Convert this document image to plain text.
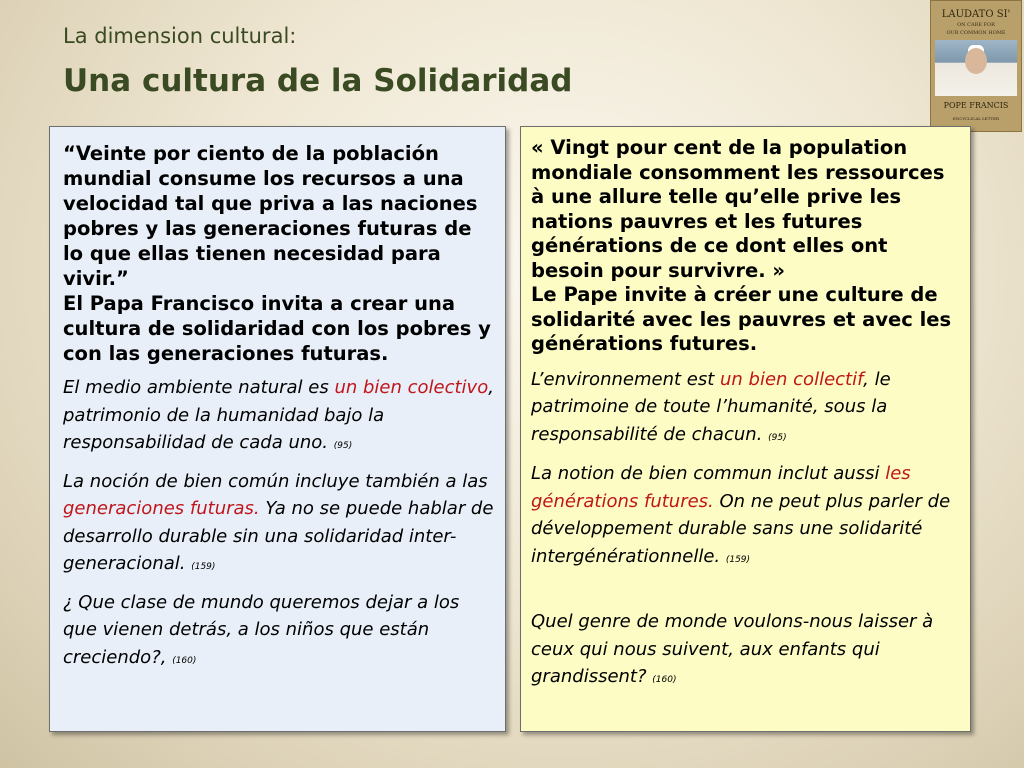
La dimension cultural:
Una cultura de la Solidaridad
LAUDATO SI'
ON CARE FOR
OUR COMMON HOME
POPE FRANCIS
ENCYCLICAL LETTER
“Veinte por ciento de la población mundial consume los recursos a una velocidad tal que priva a las naciones pobres y las generaciones futuras de lo que ellas tienen necesidad para vivir.”
El Papa Francisco invita a crear una cultura de solidaridad con los pobres y con las generaciones futuras.
El medio ambiente natural es un bien colectivo, patrimonio de la humanidad bajo la responsabilidad de cada uno. (95)
La noción de bien común incluye también a las generaciones futuras. Ya no se puede hablar de desarrollo durable sin una solidaridad inter-generacional. (159)
¿ Que clase de mundo queremos dejar a los que vienen detrás, a los niños que están creciendo?, (160)
« Vingt pour cent de la population mondiale consomment les ressources à une allure telle qu’elle prive les nations pauvres et les futures générations de ce dont elles ont besoin pour survivre. »
Le Pape invite à créer une culture de solidarité avec les pauvres et avec les générations futures.
L’environnement est un bien collectif, le patrimoine de toute l’humanité, sous la responsabilité de chacun. (95)
La notion de bien commun inclut aussi les générations futures. On ne peut plus parler de développement durable sans une solidarité intergénérationnelle. (159)
Quel genre de monde voulons-nous laisser à ceux qui nous suivent, aux enfants qui grandissent? (160)
